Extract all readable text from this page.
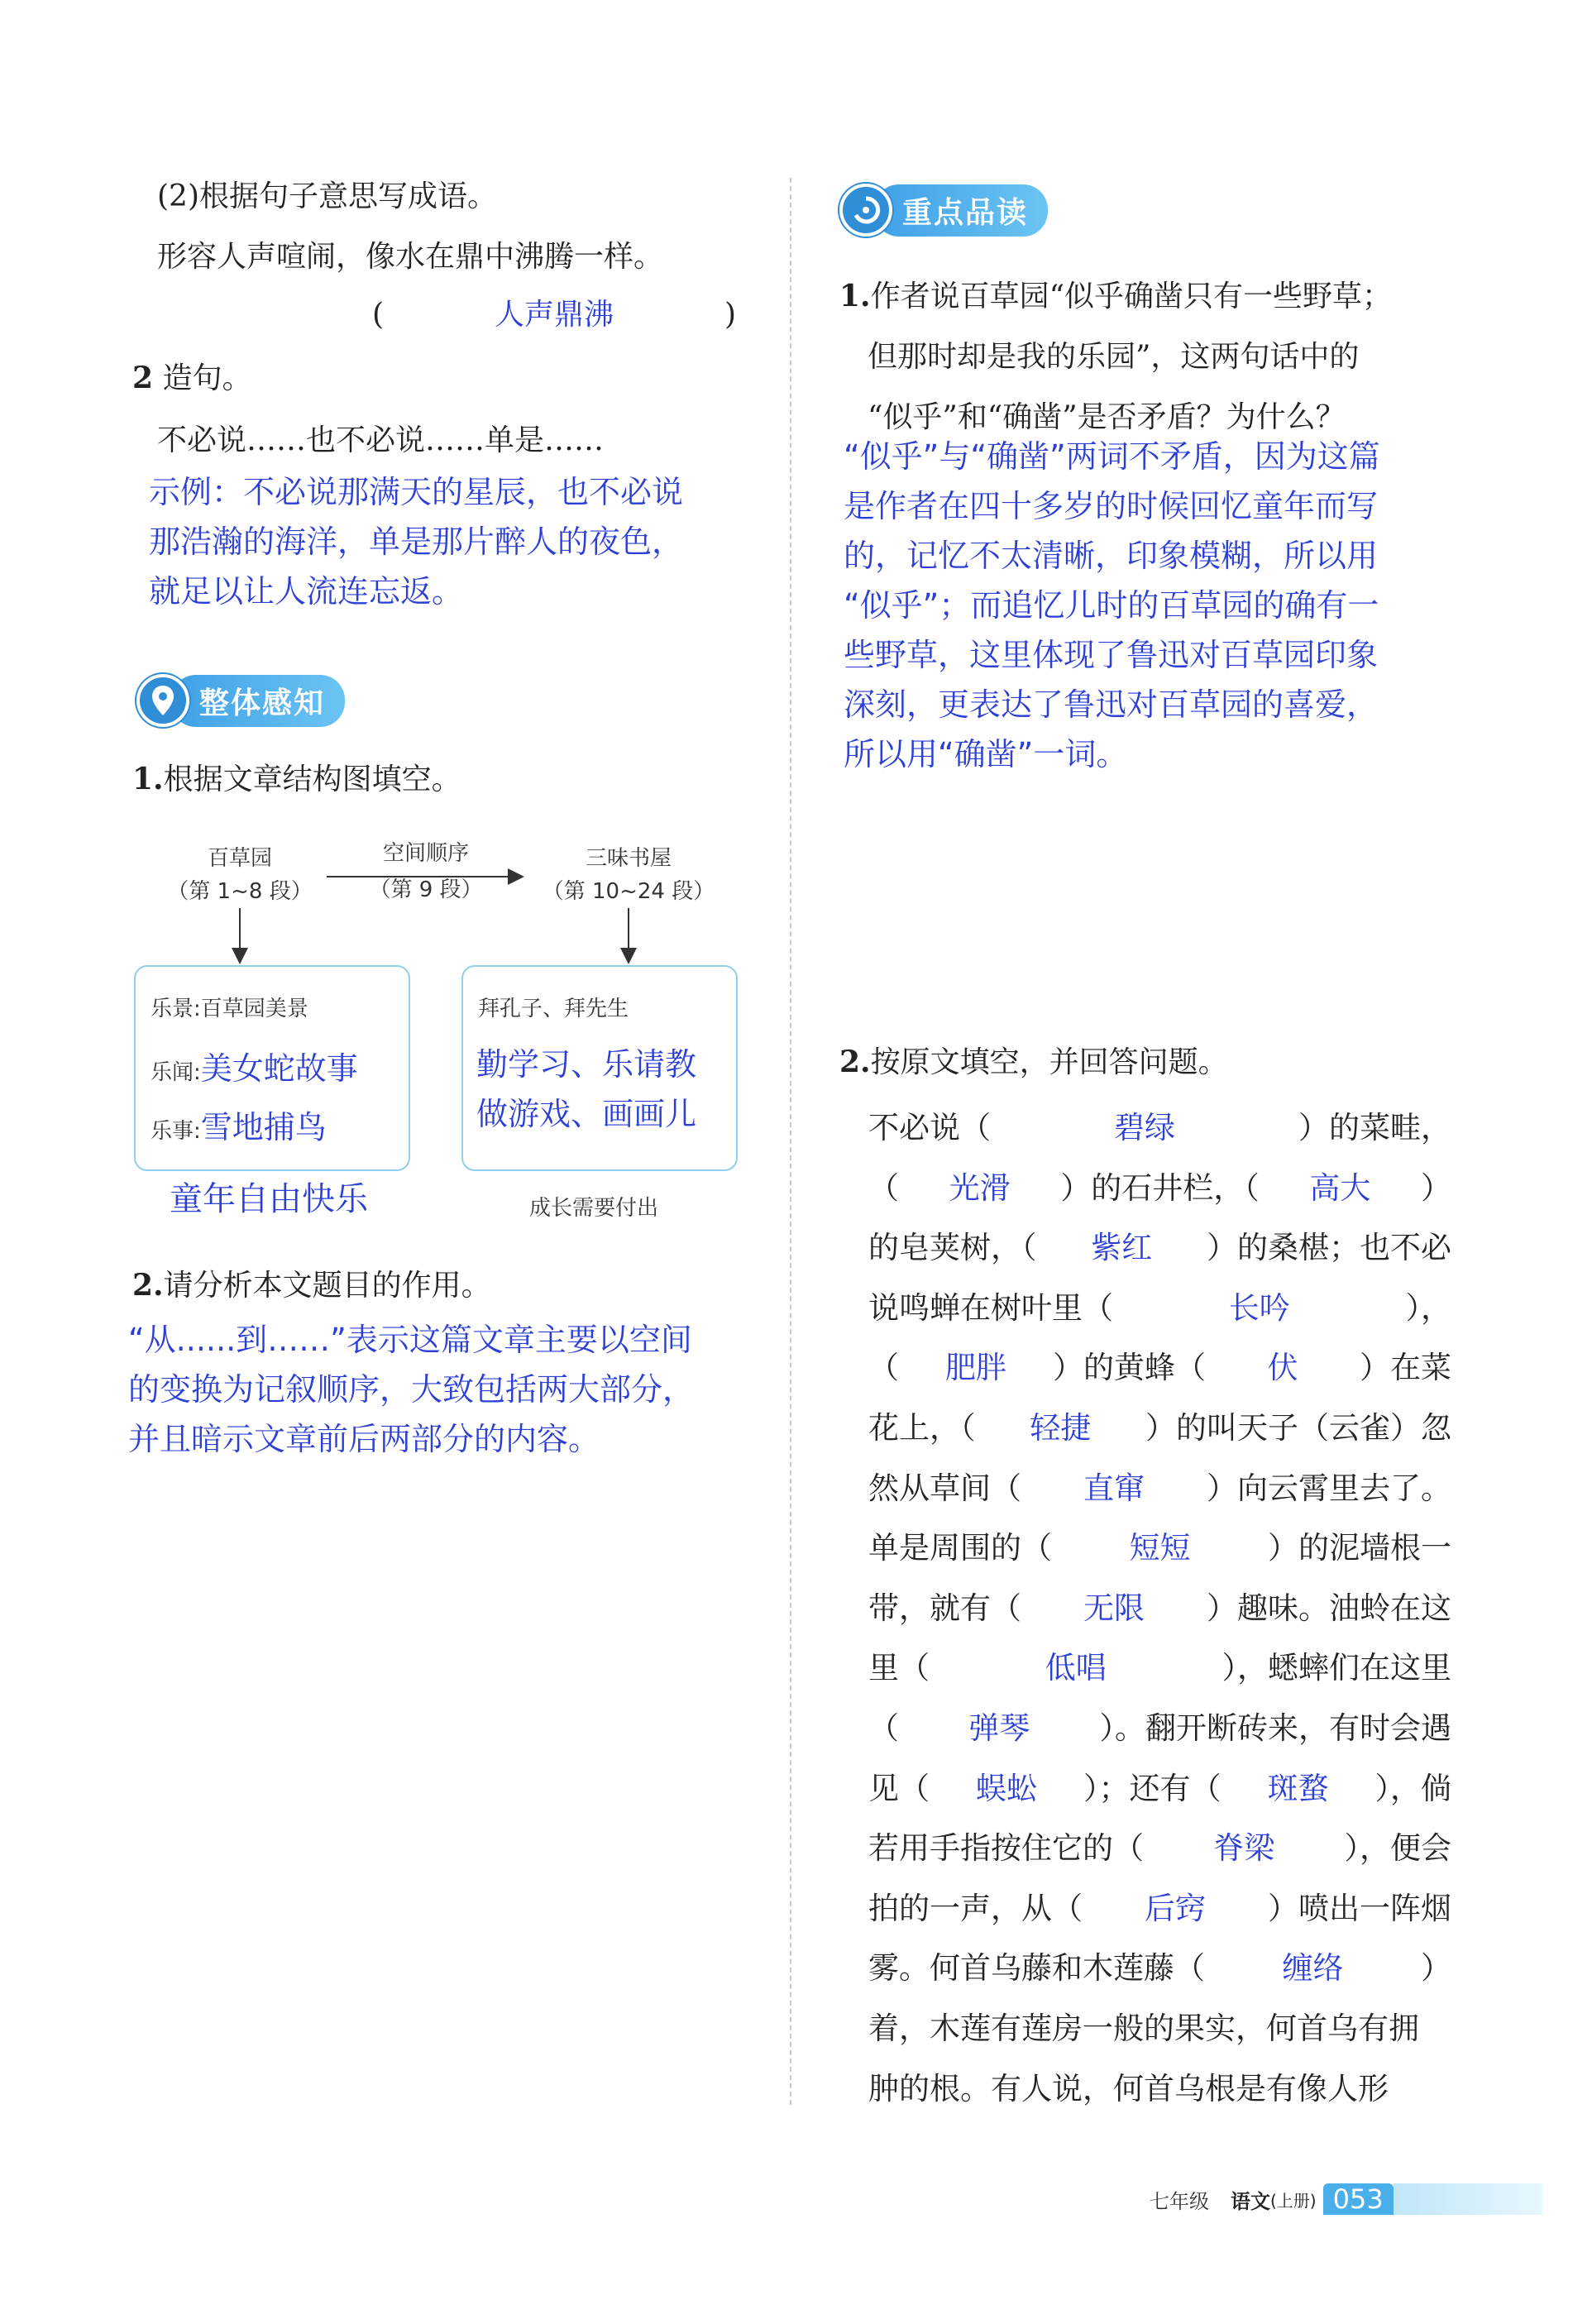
(2)根据句子意思写成语。
形容人声喧闹，像水在鼎中沸腾一样。
(	人声鼎沸	)
2 造句。
不必说……也不必说……单是……
示例：不必说那满天的星辰，也不必说
那浩瀚的海洋，单是那片醉人的夜色，
就足以让人流连忘返。
整体感知
1.根据文章结构图填空。
百草园
（第 1~8 段）
空间顺序
（第 9 段）
三味书屋
（第 10~24 段）
乐景:百草园美景
乐闻: 美女蛇故事
乐事: 雪地捕鸟
拜孔子、拜先生
勤学习、乐请教
做游戏、画画儿
童年自由快乐	成长需要付出
2.请分析本文题目的作用。
“从......到……”表示这篇文章主要以空间
的变换为记叙顺序，大致包括两大部分，
并且暗示文章前后两部分的内容。
重点品读
1.作者说百草园“似乎确凿只有一些野草；
但那时却是我的乐园”，这两句话中的
“似乎”和“确凿”是否矛盾？为什么？
“似乎”与“确凿”两词不矛盾，因为这篇
是作者在四十多岁的时候回忆童年而写
的，记忆不太清晰，印象模糊，所以用
“似乎”；而追忆儿时的百草园的确有一
些野草，这里体现了鲁迅对百草园印象
深刻，更表达了鲁迅对百草园的喜爱，
所以用“确凿”一词。
2.按原文填空，并回答问题。
不必说（	碧绿	）的菜畦，
（	光滑	）的石井栏，（	高大	）
的皂荚树，（	紫红	）的桑椹；也不必
说鸣蝉在树叶里（	长吟	），
（	肥胖	）的黄蜂（	伏	）在菜
花上，（	轻捷	）的叫天子（云雀）忽
然从草间（	直窜	）向云霄里去了。
单是周围的（	短短	）的泥墙根一
带，就有（	无限	）趣味。油蛉在这
里（	低唱	），蟋蟀们在这里
（	弹琴	）。翻开断砖来，有时会遇
见（	蜈蚣	）；还有（	斑蝥	），倘
若用手指按住它的（	脊梁	），便会
拍的一声，从（	后窍	）喷出一阵烟
雾。何首乌藤和木莲藤（	缠络	）
着，木莲有莲房一般的果实，何首乌有拥
肿的根。有人说，何首乌根是有像人形
七年级 语文 (上册) 053
